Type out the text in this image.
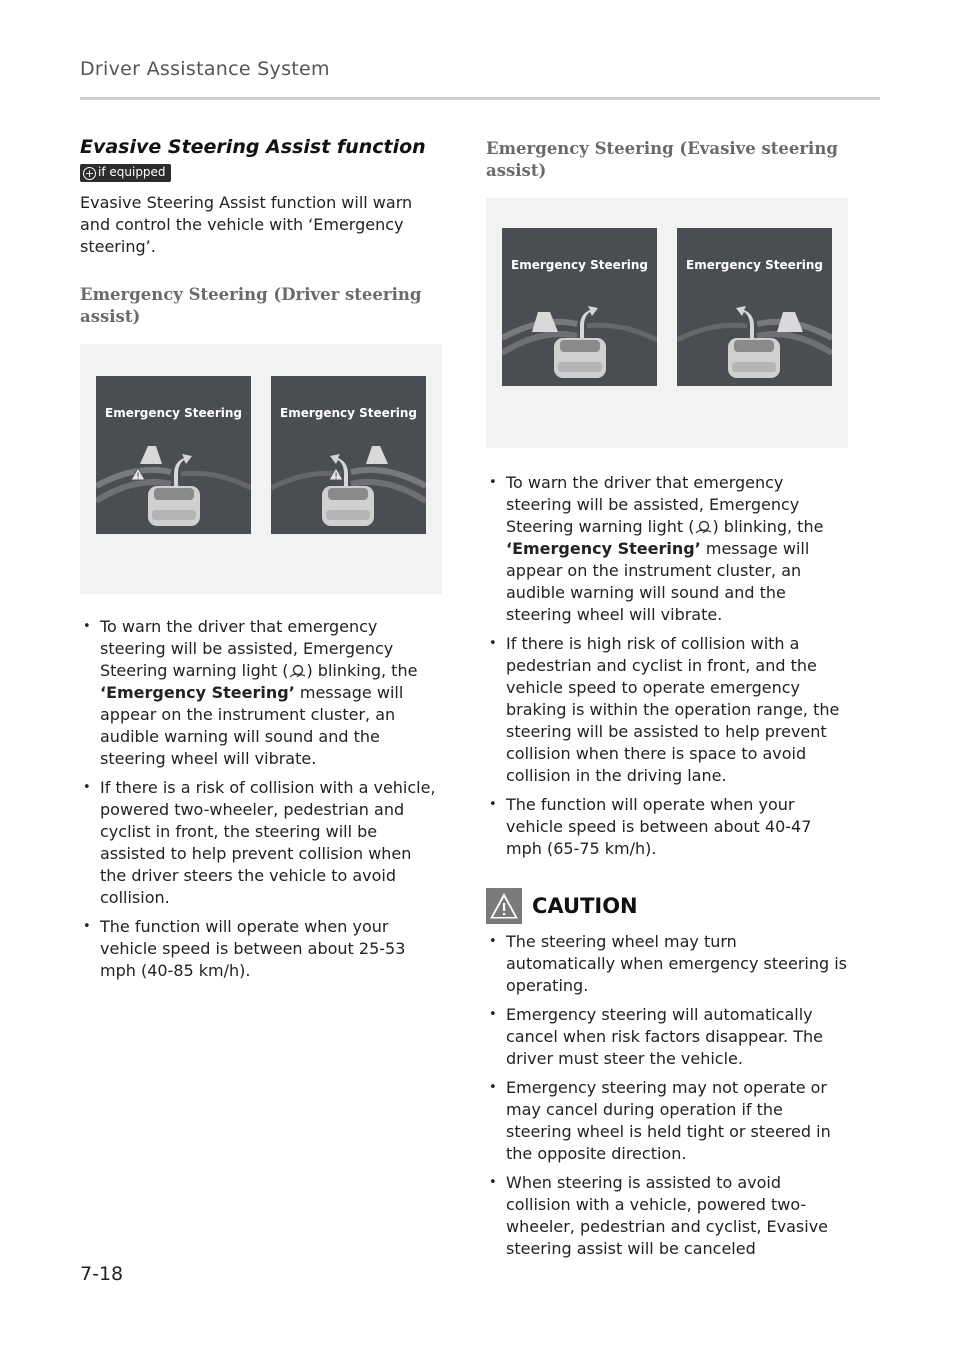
Driver Assistance System
Evasive Steering Assist function
+ if equipped

Evasive Steering Assist function will warn and control the vehicle with ‘Emergency steering’.

Emergency Steering (Driver steering assist)

Emergency Steering
!
Emergency Steering
!
• To warn the driver that emergency steering will be assisted, Emergency Steering warning light ( ) blinking, the ‘Emergency Steering’ message will appear on the instrument cluster, an audible warning will sound and the steering wheel will vibrate.
• If there is a risk of collision with a vehicle, powered two-wheeler, pedestrian and cyclist in front, the steering will be assisted to help prevent collision when the driver steers the vehicle to avoid collision.
• The function will operate when your vehicle speed is between about 25-53 mph (40-85 km/h).

Emergency Steering (Evasive steering assist)

Emergency Steering	Emergency Steering
• To warn the driver that emergency steering will be assisted, Emergency Steering warning light ( ) blinking, the ‘Emergency Steering’ message will appear on the instrument cluster, an audible warning will sound and the steering wheel will vibrate.
• If there is high risk of collision with a pedestrian and cyclist in front, and the vehicle speed to operate emergency braking is within the operation range, the steering will be assisted to help prevent collision when there is space to avoid collision in the driving lane.
• The function will operate when your vehicle speed is between about 40-47 mph (65-75 km/h).
CAUTION
• The steering wheel may turn automatically when emergency steering is operating.
• Emergency steering will automatically cancel when risk factors disappear. The driver must steer the vehicle.
• Emergency steering may not operate or may cancel during operation if the steering wheel is held tight or steered in the opposite direction.
• When steering is assisted to avoid collision with a vehicle, powered two-wheeler, pedestrian and cyclist, Evasive steering assist will be canceled
7-18
